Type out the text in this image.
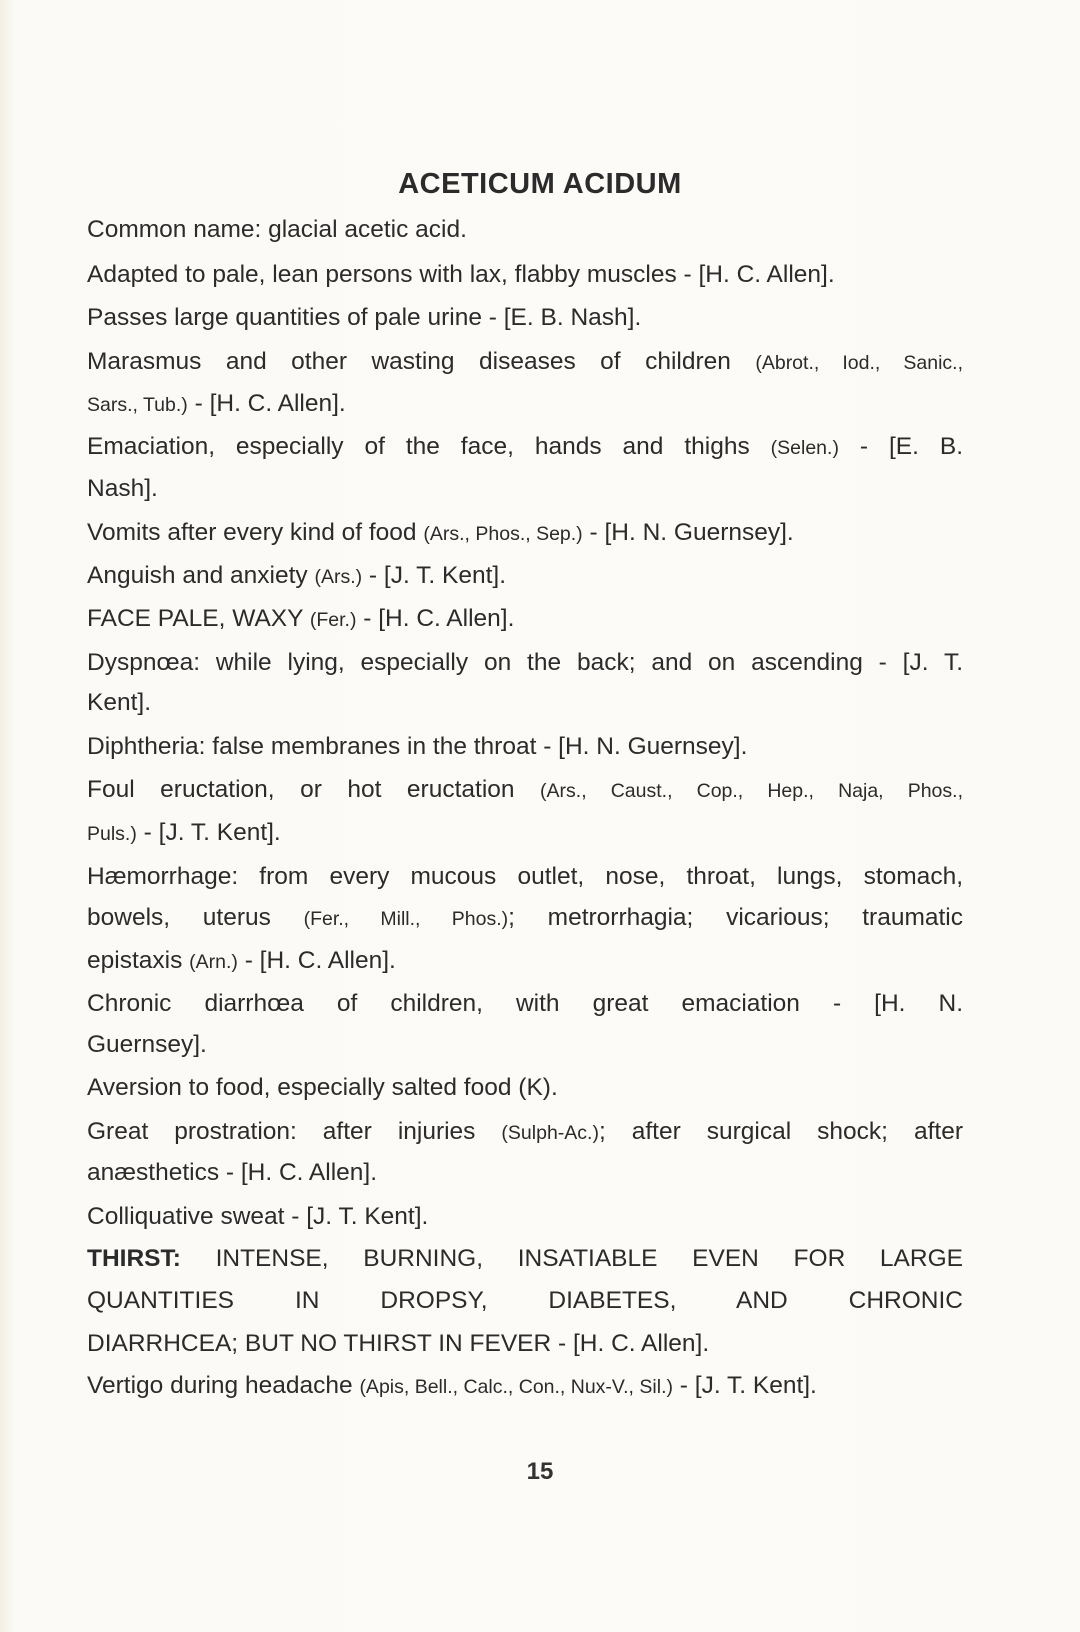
ACETICUM ACIDUM
Common name: glacial acetic acid.
Adapted to pale, lean persons with lax, flabby muscles - [H. C. Allen].
Passes large quantities of pale urine - [E. B. Nash].
Marasmus and other wasting diseases of children (Abrot., Iod., Sanic.,
Sars., Tub.) - [H. C. Allen].
Emaciation, especially of the face, hands and thighs (Selen.) - [E. B.
Nash].
Vomits after every kind of food (Ars., Phos., Sep.) - [H. N. Guernsey].
Anguish and anxiety (Ars.) - [J. T. Kent].
FACE PALE, WAXY (Fer.) - [H. C. Allen].
Dyspnœa: while lying, especially on the back; and on ascending - [J. T.
Kent].
Diphtheria: false membranes in the throat - [H. N. Guernsey].
Foul eructation, or hot eructation (Ars., Caust., Cop., Hep., Naja, Phos.,
Puls.) - [J. T. Kent].
Hæmorrhage: from every mucous outlet, nose, throat, lungs, stomach,
bowels, uterus (Fer., Mill., Phos.); metrorrhagia; vicarious; traumatic
epistaxis (Arn.) - [H. C. Allen].
Chronic diarrhœa of children, with great emaciation - [H. N.
Guernsey].
Aversion to food, especially salted food (K).
Great prostration: after injuries (Sulph-Ac.); after surgical shock; after
anæsthetics - [H. C. Allen].
Colliquative sweat - [J. T. Kent].
THIRST: INTENSE, BURNING, INSATIABLE EVEN FOR LARGE
QUANTITIES IN DROPSY, DIABETES, AND CHRONIC
DIARRHCEA; BUT NO THIRST IN FEVER - [H. C. Allen].
Vertigo during headache (Apis, Bell., Calc., Con., Nux-V., Sil.) - [J. T. Kent].
15
